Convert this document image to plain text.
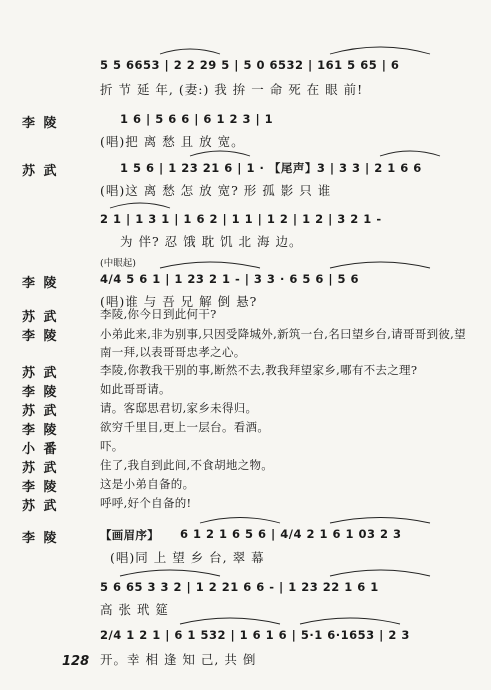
5 5 6653 | 2 2 29 5 | 5 0 6532 | 161 5 65 | 6
折 节 延 年, (妻:) 我 拚 一 命 死 在 眼 前!
李 陵	1 6 | 5 6 6 | 6 1 2 3 | 1
(唱)把 离 愁 且 放 宽。
苏 武	1 5 6 | 1 23 21 6 | 1 · 【尾声】3 | 3 3 | 2 1 6 6
(唱)这 离 愁 怎 放 宽? 形 孤 影 只 谁
2 1 | 1 3 1 | 1 6 2 | 1 1 | 1 2 | 1 2 | 3 2 1 -
为 伴? 忍 饿 耽 饥 北 海 边。
(中眼起)
李 陵	4/4 5 6 1 | 1 23 2 1 - | 3 3 · 6 5 6 | 5 6
(唱)谁 与 吾 兄 解 倒 悬?
苏 武	李陵,你今日到此何干?
李 陵	小弟此来,非为别事,只因受降城外,新筑一台,名曰望乡台,请哥哥到彼,望南一拜,以表哥哥忠孝之心。
苏 武	李陵,你教我干别的事,断然不去,教我拜望家乡,哪有不去之理?
李 陵	如此哥哥请。
苏 武	请。客邸思君切,家乡未得归。
李 陵	欲穷千里目,更上一层台。看酒。
小 番	吓。
苏 武	住了,我自到此间,不食胡地之物。
李 陵	这是小弟自备的。
苏 武	呼呼,好个自备的!
李 陵	【画眉序】 6 1 2 1 6 5 6 | 4/4 2 1 6 1 03 2 3
(唱)同 上 望 乡 台, 翠 幕
5 6 65 3 3 2 | 1 2 21 6 6 - | 1 23 22 1 6 1
高 张 玳 筵
2/4 1 2 1 | 6 1 532 | 1 6 1 6 | 5·1 6·1653 | 2 3
开。幸 相 逢 知 己, 共 倒
128
